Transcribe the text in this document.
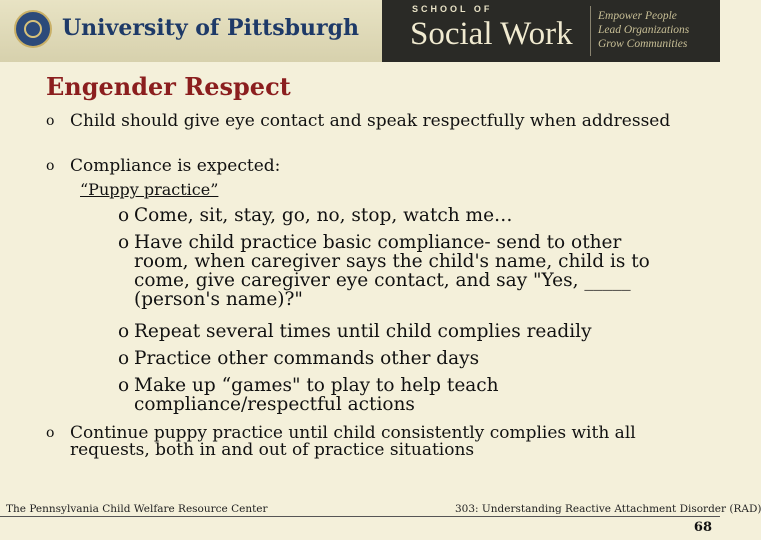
University of Pittsburgh
SCHOOL OF
Social Work Empower People
Lead Organizations
Grow Communities
Engender Respect
o Child should give eye contact and speak respectfully when addressed
o Compliance is expected:
“Puppy practice”
o Come, sit, stay, go, no, stop, watch me…
o Have child practice basic compliance- send to other room, when caregiver says the child's name, child is to come, give caregiver eye contact, and say "Yes, _____ (person's name)?"
o Repeat several times until child complies readily
o Practice other commands other days
o Make up “games" to play to help teach compliance/respectful actions
o Continue puppy practice until child consistently complies with all requests, both in and out of practice situations
The Pennsylvania Child Welfare Resource Center	303: Understanding Reactive Attachment Disorder (RAD)
68
